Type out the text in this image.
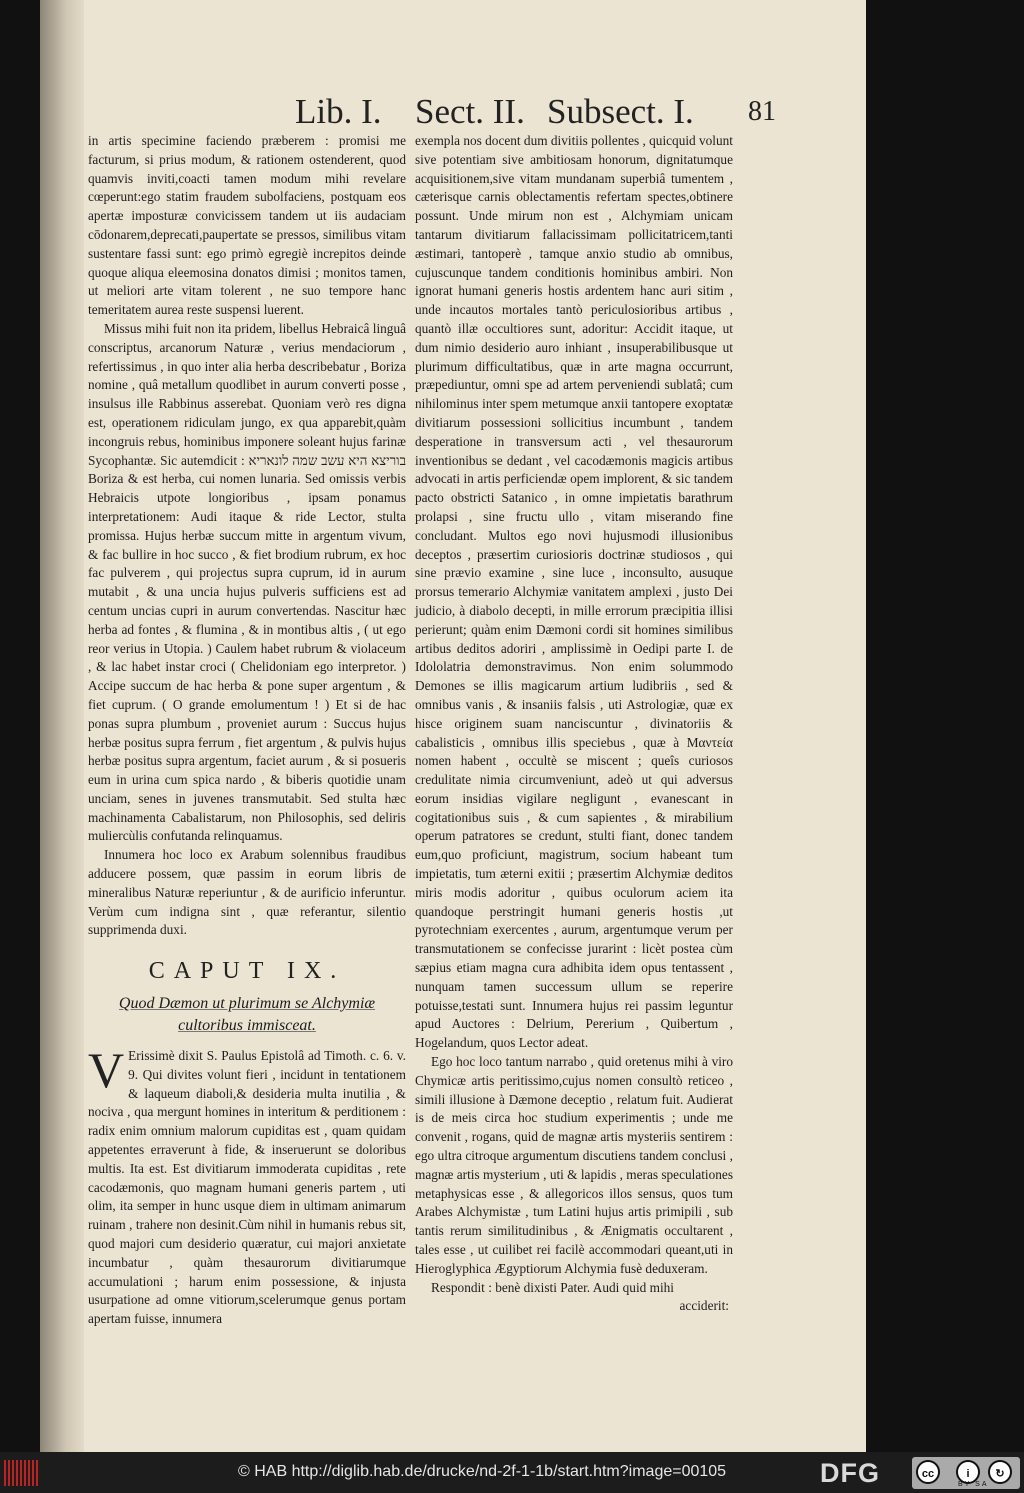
Lib. I. Sect. II. Subsect. I. 81

in artis specimine faciendo præberem : promisi me facturum, si prius modum, & rationem ostenderent, quod quamvis inviti,coacti tamen modum mihi revelare cœperunt:ego statim fraudem subolfaciens, postquam eos apertæ imposturæ convicissem tandem ut iis audaciam cōdonarem,deprecati,paupertate se pressos, similibus vitam sustentare fassi sunt: ego primò egregiè increpitos deinde quoque aliqua eleemosina donatos dimisi ; monitos tamen, ut meliori arte vitam tolerent , ne suo tempore hanc temeritatem aurea reste suspensi luerent.

Missus mihi fuit non ita pridem, libellus Hebraicâ linguâ conscriptus, arcanorum Naturæ , verius mendaciorum , refertissimus , in quo inter alia herba describebatur , Boriza nomine , quâ metallum quodlibet in aurum converti posse , insulsus ille Rabbinus asserebat. Quoniam verò res digna est, operationem ridiculam jungo, ex qua apparebit,quàm incongruis rebus, hominibus imponere soleant hujus farinæ Sycophantæ. Sic autemdicit : בוריצא היא עשב שמה לונאריא Boriza & est herba, cui nomen lunaria. Sed omissis verbis Hebraicis utpote longioribus , ipsam ponamus interpretationem: Audi itaque & ride Lector, stulta promissa. Hujus herbæ succum mitte in argentum vivum, & fac bullire in hoc succo , & fiet brodium rubrum, ex hoc fac pulverem , qui projectus supra cuprum, id in aurum mutabit , & una uncia hujus pulveris sufficiens est ad centum uncias cupri in aurum convertendas. Nascitur hæc herba ad fontes , & flumina , & in montibus altis , ( ut ego reor verius in Utopia. ) Caulem habet rubrum & violaceum , & lac habet instar croci ( Chelidoniam ego interpretor. ) Accipe succum de hac herba & pone super argentum , & fiet cuprum. ( O grande emolumentum ! ) Et si de hac ponas supra plumbum , proveniet aurum : Succus hujus herbæ positus supra ferrum , fiet argentum , & pulvis hujus herbæ positus supra argentum, faciet aurum , & si posueris eum in urina cum spica nardo , & biberis quotidie unam unciam, senes in juvenes transmutabit. Sed stulta hæc machinamenta Cabalistarum, non Philosophis, sed deliris muliercùlis confutanda relinquamus.

Innumera hoc loco ex Arabum solennibus fraudibus adducere possem, quæ passim in eorum libris de mineralibus Naturæ reperiuntur , & de aurificio inferuntur. Verùm cum indigna sint , quæ referantur, silentio supprimenda duxi.

CAPUT IX.
Quod Dæmon ut plurimum se Alchymiæ
cultoribus immisceat.
V Erissimè dixit S. Paulus Epistolâ ad Timoth. c. 6. v. 9. Qui divites volunt fieri , incidunt in tentationem & laqueum diaboli,& desideria multa inutilia , & nociva , qua mergunt homines in interitum & perditionem : radix enim omnium malorum cupiditas est , quam quidam appetentes erraverunt à fide, & inseruerunt se doloribus multis. Ita est. Est divitiarum immoderata cupiditas , rete cacodæmonis, quo magnam humani generis partem , uti olim, ita semper in hunc usque diem in ultimam animarum ruinam , trahere non desinit.Cùm nihil in humanis rebus sit, quod majori cum desiderio quæratur, cui majori anxietate incumbatur , quàm thesaurorum divitiarumque accumulationi ; harum enim possessione, & injusta usurpatione ad omne vitiorum,scelerumque genus portam apertam fuisse, innumera

exempla nos docent dum divitiis pollentes , quicquid volunt sive potentiam sive ambitiosam honorum, dignitatumque acquisitionem,sive vitam mundanam superbiâ tumentem , cæterisque carnis oblectamentis refertam spectes,obtinere possunt. Unde mirum non est , Alchymiam unicam tantarum divitiarum fallacissimam pollicitatricem,tanti æstimari, tantoperè , tamque anxio studio ab omnibus, cujuscunque tandem conditionis hominibus ambiri. Non ignorat humani generis hostis ardentem hanc auri sitim , unde incautos mortales tantò periculosioribus artibus , quantò illæ occultiores sunt, adoritur: Accidit itaque, ut dum nimio desiderio auro inhiant , insuperabilibusque ut plurimum difficultatibus, quæ in arte magna occurrunt, præpediuntur, omni spe ad artem perveniendi sublatâ; cum nihilominus inter spem metumque anxii tantopere exoptatæ divitiarum possessioni sollicitius incumbunt , tandem desperatione in transversum acti , vel thesaurorum inventionibus se dedant , vel cacodæmonis magicis artibus advocati in artis perficiendæ opem implorent, & sic tandem pacto obstricti Satanico , in omne impietatis barathrum prolapsi , sine fructu ullo , vitam miserando fine concludant. Multos ego novi hujusmodi illusionibus deceptos , præsertim curiosioris doctrinæ studiosos , qui sine prævio examine , sine luce , inconsulto, ausuque prorsus temerario Alchymiæ vanitatem amplexi , justo Dei judicio, à diabolo decepti, in mille errorum præcipitia illisi perierunt; quàm enim Dæmoni cordi sit homines similibus artibus deditos adoriri , amplissimè in Oedipi parte I. de Idololatria demonstravimus. Non enim solummodo Demones se illis magicarum artium ludibriis , sed & omnibus vanis , & insaniis falsis , uti Astrologiæ, quæ ex hisce originem suam nanciscuntur , divinatoriis & cabalisticis , omnibus illis speciebus , quæ à Μαντεία nomen habent , occultè se miscent ; queîs curiosos credulitate nimia circumveniunt, adeò ut qui adversus eorum insidias vigilare negligunt , evanescant in cogitationibus suis , & cum sapientes , & mirabilium operum patratores se credunt, stulti fiant, donec tandem eum,quo proficiunt, magistrum, socium habeant tum impietatis, tum æterni exitii ; præsertim Alchymiæ deditos miris modis adoritur , quibus oculorum aciem ita quandoque perstringit humani generis hostis ,ut pyrotechniam exercentes , aurum, argentumque verum per transmutationem se confecisse jurarint : licèt postea cùm sæpius etiam magna cura adhibita idem opus tentassent , nunquam tamen successum ullum se reperire potuisse,testati sunt. Innumera hujus rei passim leguntur apud Auctores : Delrium, Pererium , Quibertum , Hogelandum, quos Lector adeat.

Ego hoc loco tantum narrabo , quid oretenus mihi à viro Chymicæ artis peritissimo,cujus nomen consultò reticeo , simili illusione à Dæmone deceptio , relatum fuit. Audierat is de meis circa hoc studium experimentis ; unde me convenit , rogans, quid de magnæ artis mysteriis sentirem : ego ultra citroque argumentum discutiens tandem conclusi , magnæ artis mysterium , uti & lapidis , meras speculationes metaphysicas esse , & allegoricos illos sensus, quos tum Arabes Alchymistæ , tum Latini hujus artis primipili , sub tantis rerum similitudinibus , & Ænigmatis occultarent , tales esse , ut cuilibet rei facilè accommodari queant,uti in Hieroglyphica Ægyptiorum Alchymia fusè deduxeram.

Respondit : benè dixisti Pater. Audi quid mihi

acciderit:
© HAB http://diglib.hab.de/drucke/nd-2f-1-1b/start.htm?image=00105	DFG	cc	i	↻
BY SA
